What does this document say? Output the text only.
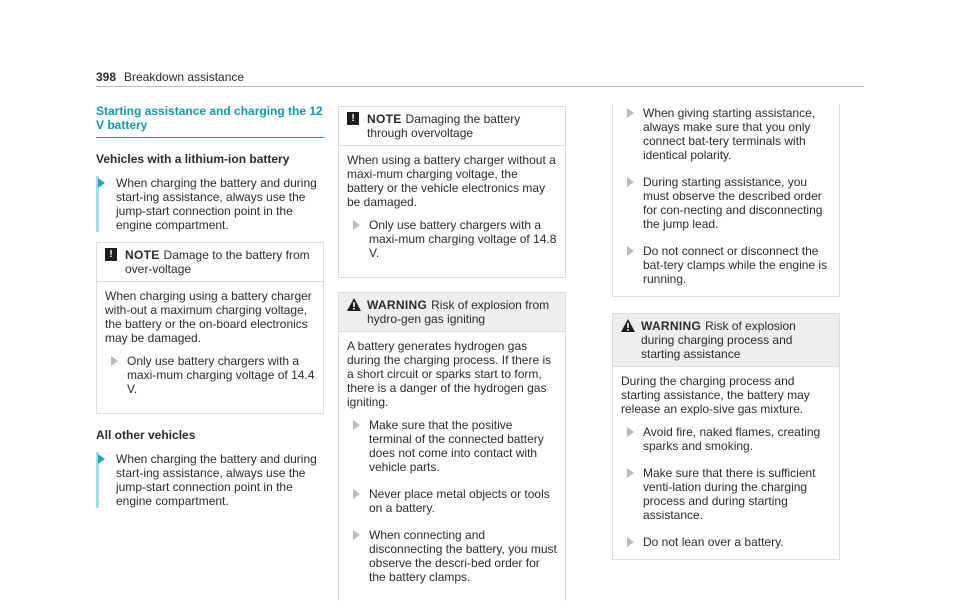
398 Breakdown assistance
Starting assistance and charging the 12 V battery
Vehicles with a lithium-ion battery
When charging the battery and during start-ing assistance, always use the jump-start connection point in the engine compartment.
!	NOTE Damage to the battery from over-voltage

When charging using a battery charger with-out a maximum charging voltage, the battery or the on-board electronics may be damaged.

Only use battery chargers with a maxi-mum charging voltage of 14.4 V.
All other vehicles
When charging the battery and during start-ing assistance, always use the jump-start connection point in the engine compartment.
!	NOTE Damaging the battery through overvoltage

When using a battery charger without a maxi-mum charging voltage, the battery or the vehicle electronics may be damaged.

Only use battery chargers with a maxi-mum charging voltage of 14.8 V.
WARNING Risk of explosion from hydro-gen gas igniting

A battery generates hydrogen gas during the charging process. If there is a short circuit or sparks start to form, there is a danger of the hydrogen gas igniting.

Make sure that the positive terminal of the connected battery does not come into contact with vehicle parts.
Never place metal objects or tools on a battery.
When connecting and disconnecting the battery, you must observe the descri-bed order for the battery clamps.
When giving starting assistance, always make sure that you only connect bat-tery terminals with identical polarity.
During starting assistance, you must observe the described order for con-necting and disconnecting the jump lead.
Do not connect or disconnect the bat-tery clamps while the engine is running.
WARNING Risk of explosion during charging process and starting assistance

During the charging process and starting assistance, the battery may release an explo-sive gas mixture.

Avoid fire, naked flames, creating sparks and smoking.
Make sure that there is sufficient venti-lation during the charging process and during starting assistance.
Do not lean over a battery.
